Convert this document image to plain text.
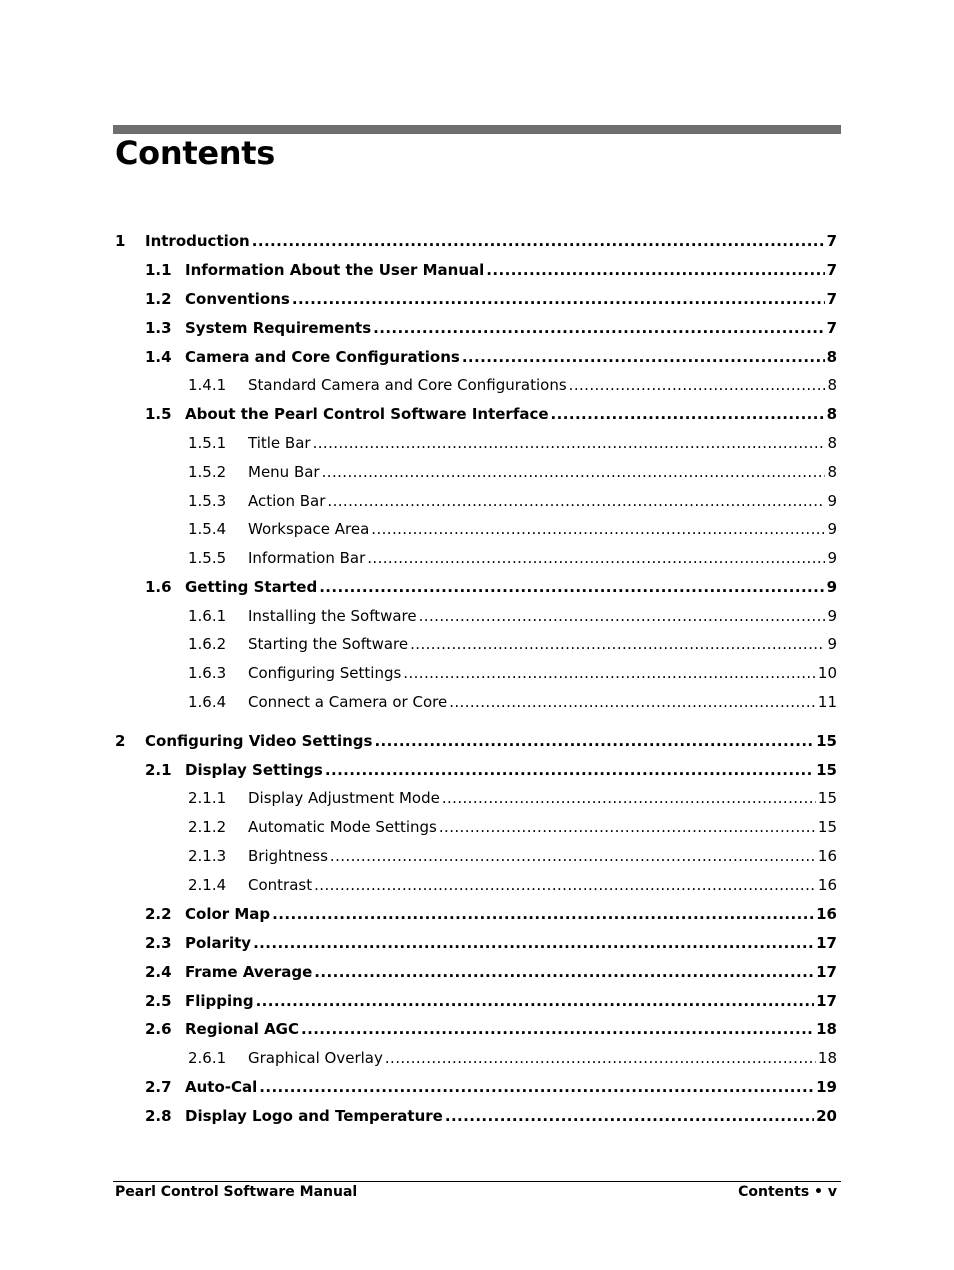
Contents
1 Introduction .....	7
1.1 Information About the User Manual .....	7
1.2 Conventions .....	7
1.3 System Requirements .....	7
1.4 Camera and Core Configurations .....	8
1.4.1 Standard Camera and Core Configurations .....	8
1.5 About the Pearl Control Software Interface .....	8
1.5.1 Title Bar .....	8
1.5.2 Menu Bar .....	8
1.5.3 Action Bar .....	9
1.5.4 Workspace Area .....	9
1.5.5 Information Bar .....	9
1.6 Getting Started .....	9
1.6.1 Installing the Software .....	9
1.6.2 Starting the Software .....	9
1.6.3 Configuring Settings .....	10
1.6.4 Connect a Camera or Core .....	11
2 Configuring Video Settings .....	15
2.1 Display Settings .....	15
2.1.1 Display Adjustment Mode .....	15
2.1.2 Automatic Mode Settings .....	15
2.1.3 Brightness .....	16
2.1.4 Contrast .....	16
2.2 Color Map .....	16
2.3 Polarity .....	17
2.4 Frame Average .....	17
2.5 Flipping .....	17
2.6 Regional AGC .....	18
2.6.1 Graphical Overlay .....	18
2.7 Auto-Cal .....	19
2.8 Display Logo and Temperature .....	20
Pearl Control Software Manual	Contents • v
